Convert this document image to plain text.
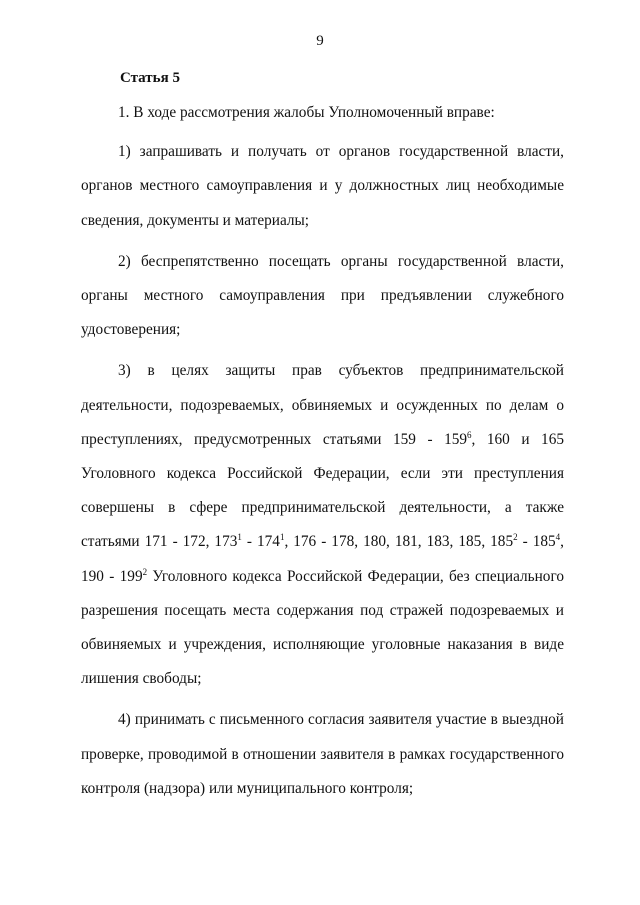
9
Статья 5

1. В ходе рассмотрения жалобы Уполномоченный вправе:

1) запрашивать и получать от органов государственной власти,
органов местного самоуправления и у должностных лиц необходимые
сведения, документы и материалы;

2) беспрепятственно посещать органы государственной власти,
органы местного самоуправления при предъявлении служебного
удостоверения;

3) в целях защиты прав субъектов предпринимательской
деятельности, подозреваемых, обвиняемых и осужденных по делам о
преступлениях, предусмотренных статьями $159 - 159^6$, 160 и 165
Уголовного кодекса Российской Федерации, если эти преступления
совершены в сфере предпринимательской деятельности, а также
статьями 171 - 172, $173^1 - 174^1$, 176 - 178, 180, 181, 183, 185, $185^2 - 185^4$,
$190 - 199^2$ Уголовного кодекса Российской Федерации, без специального
разрешения посещать места содержания под стражей подозреваемых и
обвиняемых и учреждения, исполняющие уголовные наказания в виде
лишения свободы;

4) принимать с письменного согласия заявителя участие в выездной
проверке, проводимой в отношении заявителя в рамках государственного
контроля (надзора) или муниципального контроля;
